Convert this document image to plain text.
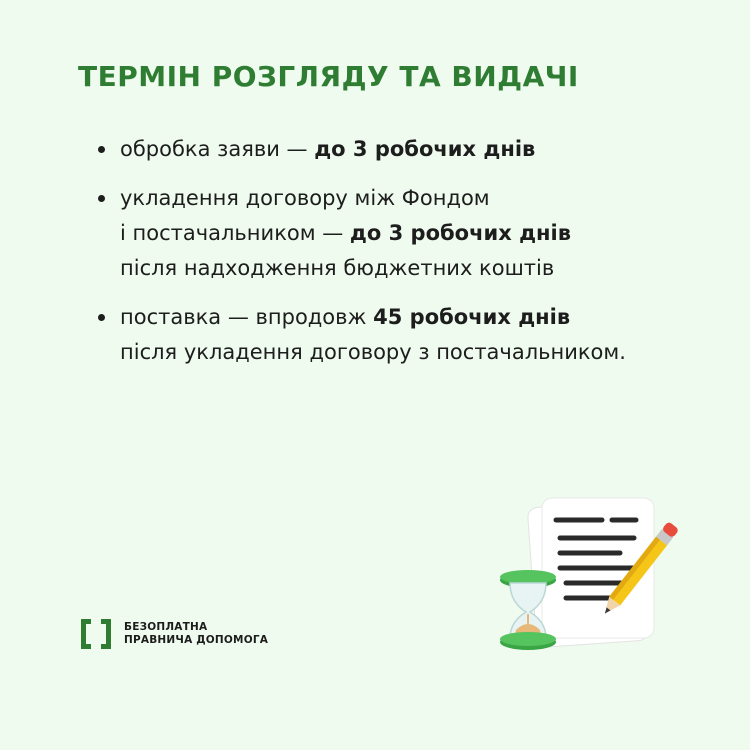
ТЕРМІН РОЗГЛЯДУ ТА ВИДАЧІ
обробка заяви — до 3 робочих днів
укладення договору між Фондом
і постачальником — до 3 робочих днів
після надходження бюджетних коштів
поставка — впродовж 45 робочих днів
після укладення договору з постачальником.
БЕЗОПЛАТНА
ПРАВНИЧА ДОПОМОГА
